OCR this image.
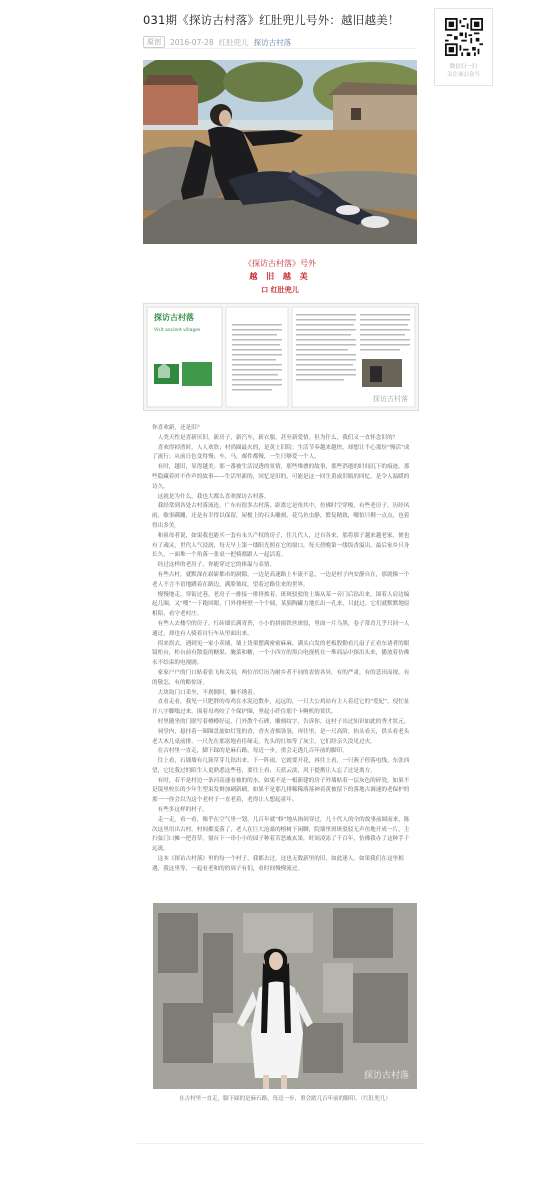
031期《探访古村落》红肚兜儿号外：越旧越美！
原创	2016-07-28 红肚兜儿 探访古村落
微信扫一扫
关注该公众号
《探访古村落》号外
越 旧 越 美
口 红肚兜儿
探访古村落
Visit ancient villages
探访古村落

你喜欢新，还是旧？

人类天性是喜新厌旧，新房子，新汽车，新衣服，甚至新爱情。但为什么，我们又一直怀念旧的？

喜欢得掉渣时，人人欢欣；村尚圈最火的，是黄土旧院：生活节奏越来越快，却想让不心那份“慢活”成了流行；从前日色变得慢，车，马，邮件都慢，一生只够爱一个人。

有时，越旧，显得越美。那一番被生活浸透的景情，那些堆叠的故事，那些消逝的时间沉下的痕迹，那些隐藏着时不作声的故事——生活里新的，回忆是旧的，可能是这一回生黄或旧瓶的回忆，是令人温暖的诗久。

这就是为什么，我也大都么喜欢探访古村落。

我经常到各处古村落流连，广东有很多古村落，距离它是角其中，仿佛时空穿梭，有些老房子，历经风雨，歇事蹒跚，还是有幸得以保留，屋檐上的石头雕刻，花鸟鱼虫静，繁复精致，哪怕只剩一点点，也着得出多美。

和祖母者说，如果我也能买一套有永久产权的房子，住几代人，过自各来，那将那子越来越老家，便也有了魂灵，世代人气浸润，每天早上第一缕阳光照在它的窗口，每天傍晚第一缕饭香溢出，最后家乡只身长久，一面堆一个角落一张桌一把椅都跟人一起活着。

经过这样的老房子，你能穿过它的体温与表情。

有些古村，就默深在崭崭都市的洞隙，一边是高速路上车流不息，一边是村子内安静自在，那就像一个老人不言不语地蹲着在路边，满脸皱纹，望着过路往来的世界。

慢慢地走，穿街过巷，老房子一排接一排挤挨着，斑斑驳驳的土墙从某一旁门后钻出来，围着人肩边编起几圈，又“嗖”一下跑回眼，门外排杯壁一个个圆，某狼陶罐力地长出一孔来，只此过，它们就默默地原相陪，看守老村庄。

有些人去楼空的房子，红砖墙长满青苔，小小的拼窗铁丝斑驳，里面一片乌黑，卷子常青几乎只回一人通过，却也有人骑着自行车从里面出来。

拐来拐去，遇到见一家小卖铺，墙上货架摆满密密麻麻，满头白发的老板殷勤看几扇子正看东诸者的眼镜柜台，柜台前有散装的糖果、腌菜和糖，一个小四方的黑白电视机在一堆商品中探出头来，播放着仿佛永不结束的电视剧。

家家户户的门口贴着张飞和关羽，两位吊灯历为耐乡者不同的表情各异，有的严肃，有的悲田而视，有的敬怎，有的略惊讶。

大块钩门口采坐，不刹倒时，懒不绣着。

直看走看，我见一只肥胖的母鸡在水泥边散步，远远的，一只大公鸡站有主人着近它的“爱妃”，侵忙扯开八字脚嗡过来，围着母鸡咬了个保护圈，坚起小纤住那个卡啊机的赏伏。

村里随坐的门联写着樽樽好运，门外散个石碑，雕刻纹字，告诉你，这村子出过知识如此的秀才状元。

祠堂内，悬挂着一圈圈盘旋如灯笼的香，香火青烟袅袅，再往里，是一尺高阶，抬头看天，供头看老头老大木几桌前排，一尺先在那富地看佳缘走，先头的红烛等了灰尘，它们经亲久没见过火。

在古村里一直走，脚下踩的是麻石路，每迈一步，重会走透几百年前的脚印。

往上看，石墙墙有几簇草芽儿钻出来，下一阵雨，它就要开花，再往上看，一只燕子停落电线，东张西望，它比我过的陌生人更熟悉这些巷，要往上看，天蓝云淡，风于提携让人忘了过是离方。

有时，若不是村边一条河高速看被的的水，如果不是一根新建的房子外墙贴着一层灰色的碎瓷，如果不是镜里校长的少年生型束发辫加刷新刷，如果不是那几排稀稀落落神着黄被留下的落地古调速的老保护的那一一你会以为这个老村子一直老着，老得让人想起童年。

有些多这样的村子。

走一走，看一看，像乎在空气里一划，几百年就“修”地从指间穿过，几十代人的全的故事前圆而来，陈次这里用出古村，村间都变落了，老人在巨大沧桑的榕树下闲聊，院墙里斑斑驳驳无声鱼地开成一片，主扫弦门口摊一把青草，窗台下一串小小的园子种着苦恶戚玄果，时间凌冻了千百年，仿佛我办了这种手千远流。

这本《探访古村落》里的每一个村子，我都去过，这也无数新里的旧，如此迷人。如果我们在这里相遇，我这里等，一起看老和的的周子有们，看时间慢慢流过。

探访古村落
在古村里一直走，脚下踩的是麻石路，每迈一步，重会踏几百年前的脚印。（红肚兜儿）
